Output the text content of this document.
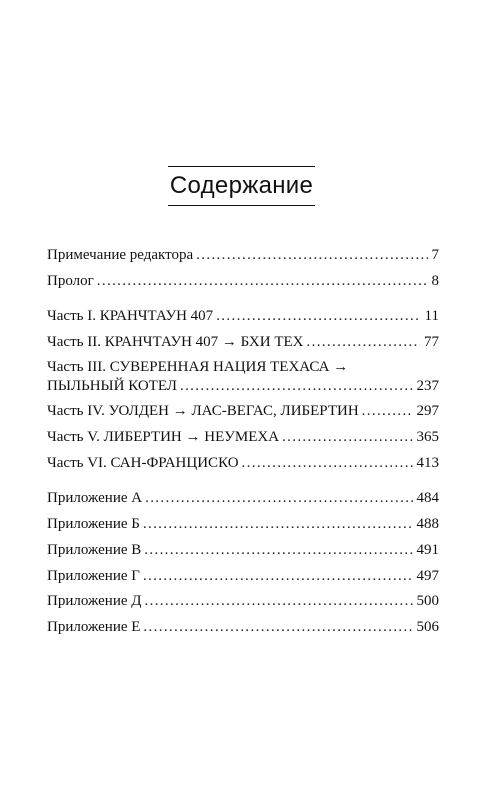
Содержание
Примечание редактора . . .	7
Пролог . . .	8
Часть I. КРАНЧТАУН 407 . . .	11
Часть II. КРАНЧТАУН 407 → БХИ ТЕХ . . .	77
Часть III. СУВЕРЕННАЯ НАЦИЯ ТЕХАСА →
ПЫЛЬНЫЙ КОТЕЛ . . .	237
Часть IV. УОЛДЕН → ЛАС-ВЕГАС, ЛИБЕРТИН . . .	297
Часть V. ЛИБЕРТИН → НЕУМЕХА . . .	365
Часть VI. САН-ФРАНЦИСКО . . .	413
Приложение А . . .	484
Приложение Б . . .	488
Приложение В . . .	491
Приложение Г . . .	497
Приложение Д . . .	500
Приложение Е . . .	506
